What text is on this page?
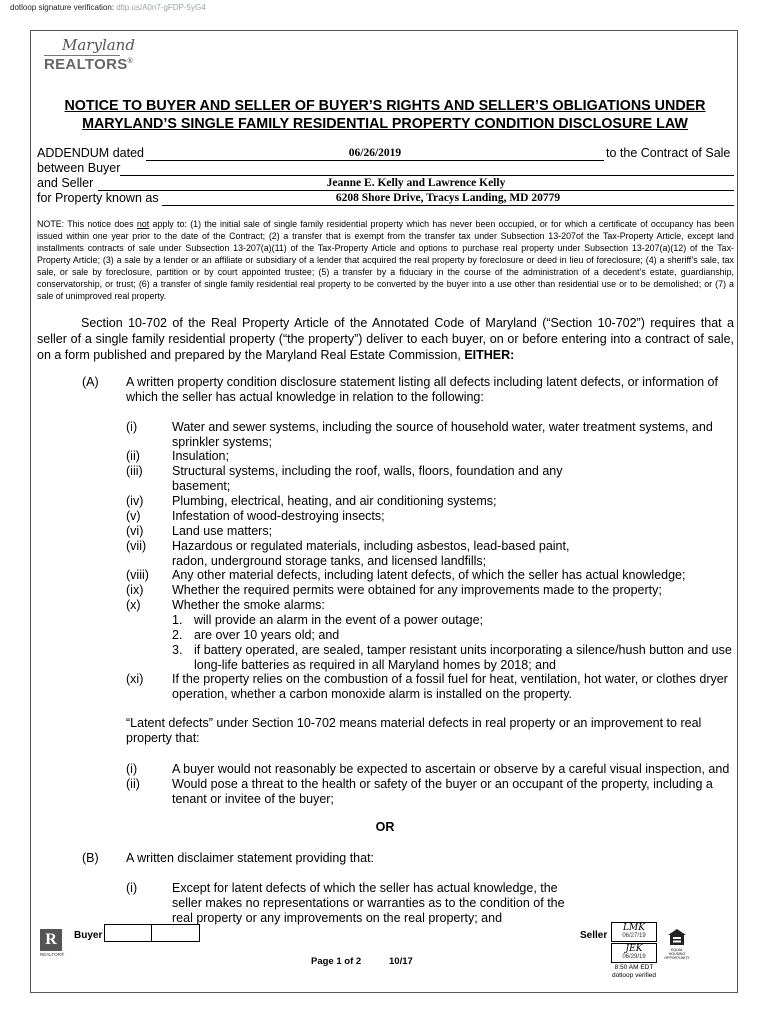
dotloop signature verification: dtlp.us/A0n7-gFDP-5yG4
Maryland
REALTORS®
NOTICE TO BUYER AND SELLER OF BUYER’S RIGHTS AND SELLER’S OBLIGATIONS UNDER
MARYLAND’S SINGLE FAMILY RESIDENTIAL PROPERTY CONDITION DISCLOSURE LAW
ADDENDUM dated	06/26/2019	to the Contract of Sale
between Buyer
and Seller	Jeanne E. Kelly and Lawrence Kelly
for Property known as	6208 Shore Drive, Tracys Landing, MD 20779
NOTE: This notice does not apply to: (1) the initial sale of single family residential property which has never been occupied, or for which a certificate of occupancy has been issued within one year prior to the date of the Contract; (2) a transfer that is exempt from the transfer tax under Subsection 13-207of the Tax-Property Article, except land installments contracts of sale under Subsection 13-207(a)(11) of the Tax-Property Article and options to purchase real property under Subsection 13-207(a)(12) of the Tax-Property Article; (3) a sale by a lender or an affiliate or subsidiary of a lender that acquired the real property by foreclosure or deed in lieu of foreclosure; (4) a sheriff’s sale, tax sale, or sale by foreclosure, partition or by court appointed trustee; (5) a transfer by a fiduciary in the course of the administration of a decedent’s estate, guardianship, conservatorship, or trust; (6) a transfer of single family residential real property to be converted by the buyer into a use other than residential use or to be demolished; or (7) a sale of unimproved real property.
Section 10-702 of the Real Property Article of the Annotated Code of Maryland (“Section 10-702”) requires that a seller of a single family residential property (“the property”) deliver to each buyer, on or before entering into a contract of sale, on a form published and prepared by the Maryland Real Estate Commission, EITHER:
(A) A written property condition disclosure statement listing all defects including latent defects, or information of which the seller has actual knowledge in relation to the following:
(i)	Water and sewer systems, including the source of household water, water treatment systems, and sprinkler systems;
(ii)	Insulation;
(iii) Structural systems, including the roof, walls, floors, foundation and any basement;
(iv) Plumbing, electrical, heating, and air conditioning systems;
(v)	Infestation of wood-destroying insects;
(vi) Land use matters;
(vii) Hazardous or regulated materials, including asbestos, lead-based paint, radon, underground storage tanks, and licensed landfills;
(viii) Any other material defects, including latent defects, of which the seller has actual knowledge;
(ix) Whether the required permits were obtained for any improvements made to the property;
(x)	Whether the smoke alarms:
1. will provide an alarm in the event of a power outage;
2. are over 10 years old; and
3. if battery operated, are sealed, tamper resistant units incorporating a silence/hush button and use long-life batteries as required in all Maryland homes by 2018; and
(xi) If the property relies on the combustion of a fossil fuel for heat, ventilation, hot water, or clothes dryer operation, whether a carbon monoxide alarm is installed on the property.
“Latent defects” under Section 10-702 means material defects in real property or an improvement to real property that:
(i)	A buyer would not reasonably be expected to ascertain or observe by a careful visual inspection, and
(ii)	Would pose a threat to the health or safety of the buyer or an occupant of the property, including a tenant or invitee of the buyer;
OR
(B) A written disclaimer statement providing that:
(i)	Except for latent defects of which the seller has actual knowledge, the seller makes no representations or warranties as to the condition of the real property or any improvements on the real property; and
R
REALTOR®
Buyer	Seller
LMK
06/27/19
JEK
06/29/19
8:50 AM EDT
dotloop verified
EQUAL HOUSING OPPORTUNITY
Page 1 of 2	10/17
